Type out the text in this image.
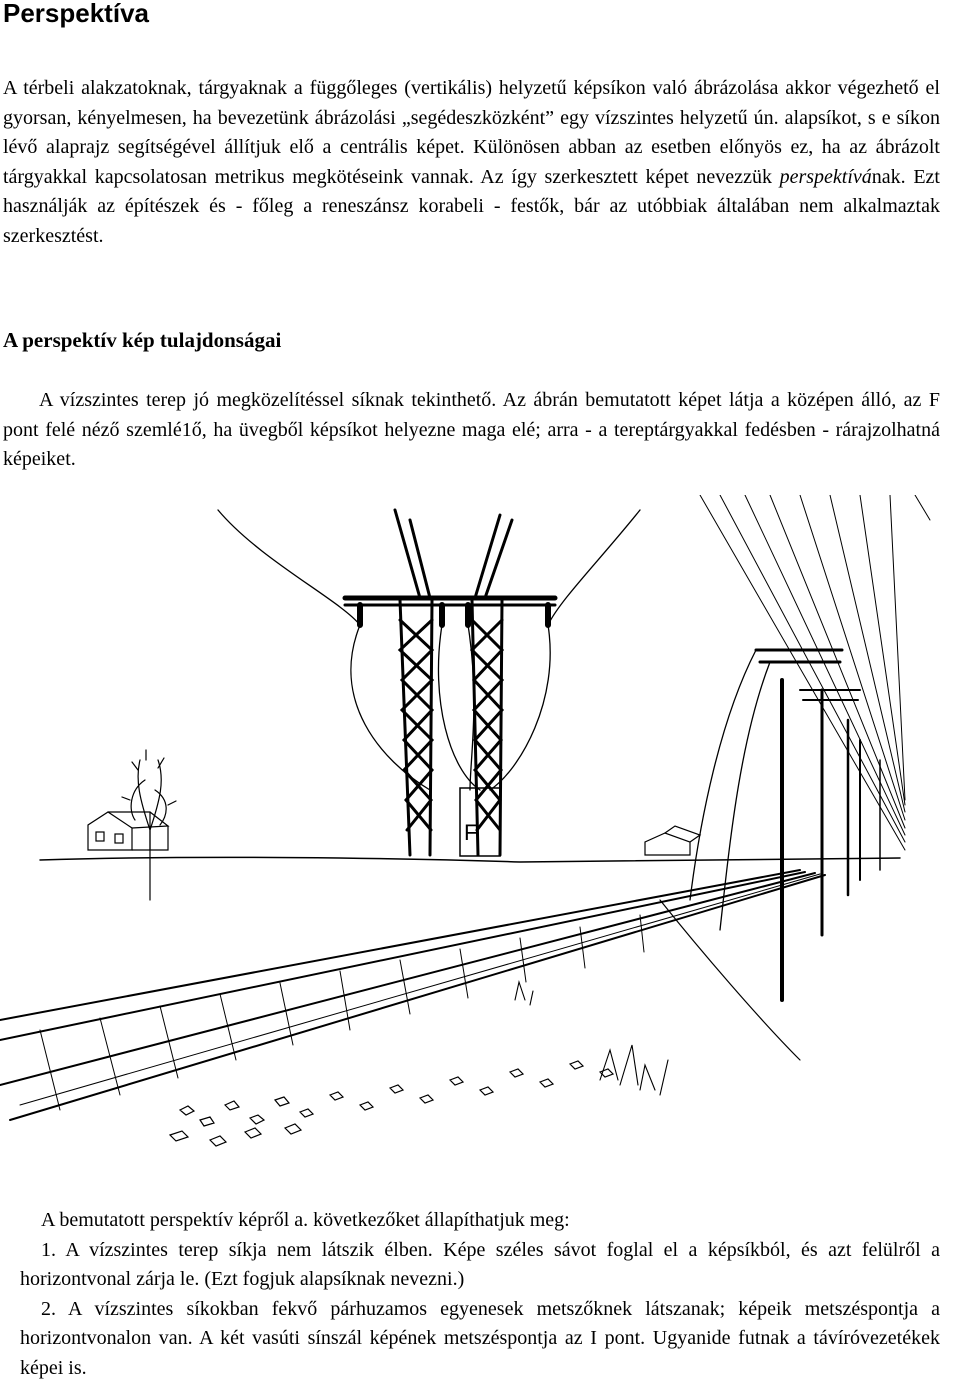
Perspektíva

A térbeli alakzatoknak, tárgyaknak a függőleges (vertikális) helyzetű képsíkon való ábrázolása akkor végezhető el gyorsan, kényelmesen, ha bevezetünk ábrázolási „segédeszközként” egy vízszintes helyzetű ún. alapsíkot, s e síkon lévő alaprajz segítségével állítjuk elő a centrális képet. Különösen abban az esetben előnyös ez, ha az ábrázolt tárgyakkal kapcsolatosan metrikus megkötéseink vannak. Az így szerkesztett képet nevezzük perspektívának. Ezt használják az építészek és - főleg a reneszánsz korabeli - festők, bár az utóbbiak általában nem alkalmaztak szerkesztést.

A perspektív kép tulajdonságai

A vízszintes terep jó megközelítéssel síknak tekinthető. Az ábrán bemutatott képet látja a középen álló, az F pont felé néző szemlé1ő, ha üvegből képsíkot helyezne maga elé; arra - a tereptárgyakkal fedésben - rárajzolhatná képeiket.

F
A bemutatott perspektív képről a. következőket állapíthatjuk meg:
1. A vízszintes terep síkja nem látszik élben. Képe széles sávot foglal el a képsíkból, és azt felülről a horizontvonal zárja le. (Ezt fogjuk alapsíknak nevezni.)
2. A vízszintes síkokban fekvő párhuzamos egyenesek metszőknek látszanak; képeik metszéspontja a horizontvonalon van. A két vasúti sínszál képének metszéspontja az I pont. Ugyanide futnak a távíróvezetékek képei is.
